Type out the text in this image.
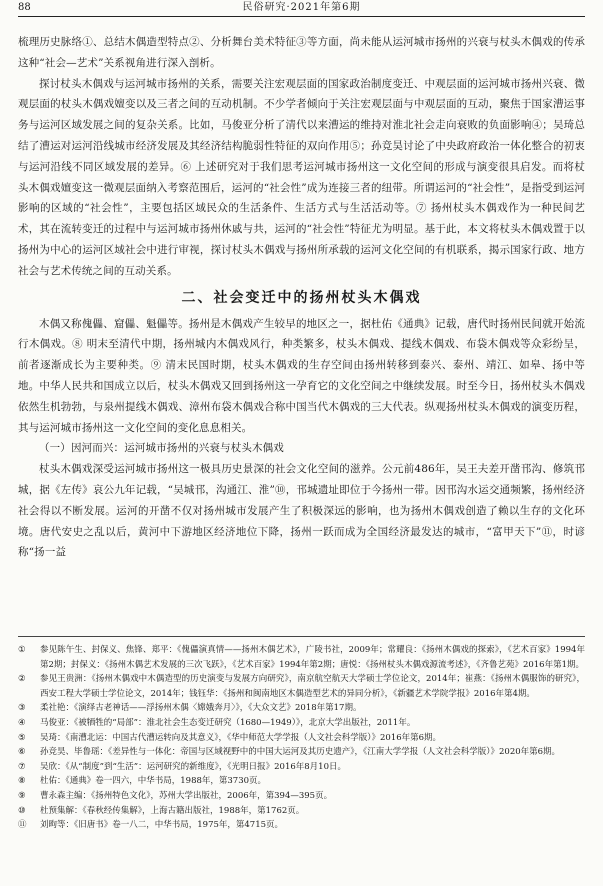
88	民俗研究·2021年第6期

梳理历史脉络①、总结木偶造型特点②、分析舞台美术特征③等方面，尚未能从运河城市扬州的兴衰与杖头木偶戏的传承这种“社会—艺术”关系视角进行深入剖析。

探讨杖头木偶戏与运河城市扬州的关系，需要关注宏观层面的国家政治制度变迁、中观层面的运河城市扬州兴衰、微观层面的杖头木偶戏嬗变以及三者之间的互动机制。不少学者倾向于关注宏观层面与中观层面的互动，聚焦于国家漕运事务与运河区域发展之间的复杂关系。比如，马俊亚分析了清代以来漕运的维持对淮北社会走向衰败的负面影响④；吴琦总结了漕运对运河沿线城市经济发展及其经济结构脆弱性特征的双向作用⑤；孙竞昊讨论了中央政府政治一体化整合的初衷与运河沿线不同区域发展的差异。⑥ 上述研究对于我们思考运河城市扬州这一文化空间的形成与演变很具启发。而将杖头木偶戏嬗变这一微观层面纳入考察范围后，运河的“社会性”成为连接三者的纽带。所谓运河的“社会性”，是指受到运河影响的区域的“社会性”，主要包括区域民众的生活条件、生活方式与生活活动等。⑦ 扬州杖头木偶戏作为一种民间艺术，其在流转变迁的过程中与运河城市扬州休戚与共，运河的“社会性”特征尤为明显。基于此，本文将杖头木偶戏置于以扬州为中心的运河区域社会中进行审视，探讨杖头木偶戏与扬州所承载的运河文化空间的有机联系，揭示国家行政、地方社会与艺术传统之间的互动关系。

二、社会变迁中的扬州杖头木偶戏

木偶又称傀儡、窟儡、魁儡等。扬州是木偶戏产生较早的地区之一，据杜佑《通典》记载，唐代时扬州民间就开始流行木偶戏。⑧ 明末至清代中期，扬州城内木偶戏风行，种类繁多，杖头木偶戏、提线木偶戏、布袋木偶戏等众彩纷呈，前者逐渐成长为主要种类。⑨ 清末民国时期，杖头木偶戏的生存空间由扬州转移到泰兴、泰州、靖江、如皋、扬中等地。中华人民共和国成立以后，杖头木偶戏又回到扬州这一孕育它的文化空间之中继续发展。时至今日，扬州杖头木偶戏依然生机勃勃，与泉州提线木偶戏、漳州布袋木偶戏合称中国当代木偶戏的三大代表。纵观扬州杖头木偶戏的演变历程，其与运河城市扬州这一文化空间的变化息息相关。

（一）因河而兴：运河城市扬州的兴衰与杖头木偶戏

杖头木偶戏深受运河城市扬州这一极具历史景深的社会文化空间的滋养。公元前486年，吴王夫差开凿邗沟、修筑邗城，据《左传》哀公九年记载，“吴城邗，沟通江、淮”⑩，邗城遗址即位于今扬州一带。因邗沟水运交通频繁，扬州经济社会得以不断发展。运河的开凿不仅对扬州城市发展产生了积极深远的影响，也为扬州木偶戏创造了赖以生存的文化环境。唐代安史之乱以后，黄河中下游地区经济地位下降，扬州一跃而成为全国经济最发达的城市，“富甲天下”⑪，时谚称“扬一益

①	参见陈午生、封保义、焦锋、郑平：《傀儡演真情——扬州木偶艺术》，广陵书社，2009年；常耀良：《扬州木偶戏的探索》，《艺术百家》1994年第2期；封保义：《扬州木偶艺术发展的三次飞跃》，《艺术百家》1994年第2期；唐悦：《扬州杖头木偶戏源流考述》，《齐鲁艺苑》2016年第1期。
②	参见王贵洲：《扬州木偶戏中木偶造型的历史演变与发展方向研究》，南京航空航天大学硕士学位论文，2014年；崔燕：《扬州木偶服饰的研究》，西安工程大学硕士学位论文，2014年；钱钰华：《扬州和闽南地区木偶造型艺术的异同分析》，《新疆艺术学院学报》2016年第4期。
③	柔社艳：《演绎古老神话——浮扬州木偶〈嫦娥奔月〉》，《大众文艺》2018年第17期。
④	马俊亚：《被牺牲的“局部”：淮北社会生态变迁研究（1680—1949）》，北京大学出版社，2011年。
⑤	吴琦：《南漕北运：中国古代漕运转向及其意义》，《华中师范大学学报（人文社会科学版）》2016年第6期。
⑥	孙竞昊、毕鲁瑶：《差异性与一体化：帝国与区域视野中的中国大运河及其历史遗产》，《江南大学学报（人文社会科学版）》2020年第6期。
⑦	吴欣：《从“制度”到“生活”：运河研究的新维度》，《光明日报》2016年8月10日。
⑧	杜佑：《通典》卷一四六，中华书局，1988年，第3730页。
⑨	曹永森主编：《扬州特色文化》，苏州大学出版社，2006年，第394—395页。
⑩	杜预集解：《春秋经传集解》，上海古籍出版社，1988年，第1762页。
⑪	刘昫等：《旧唐书》卷一八二，中华书局，1975年，第4715页。
